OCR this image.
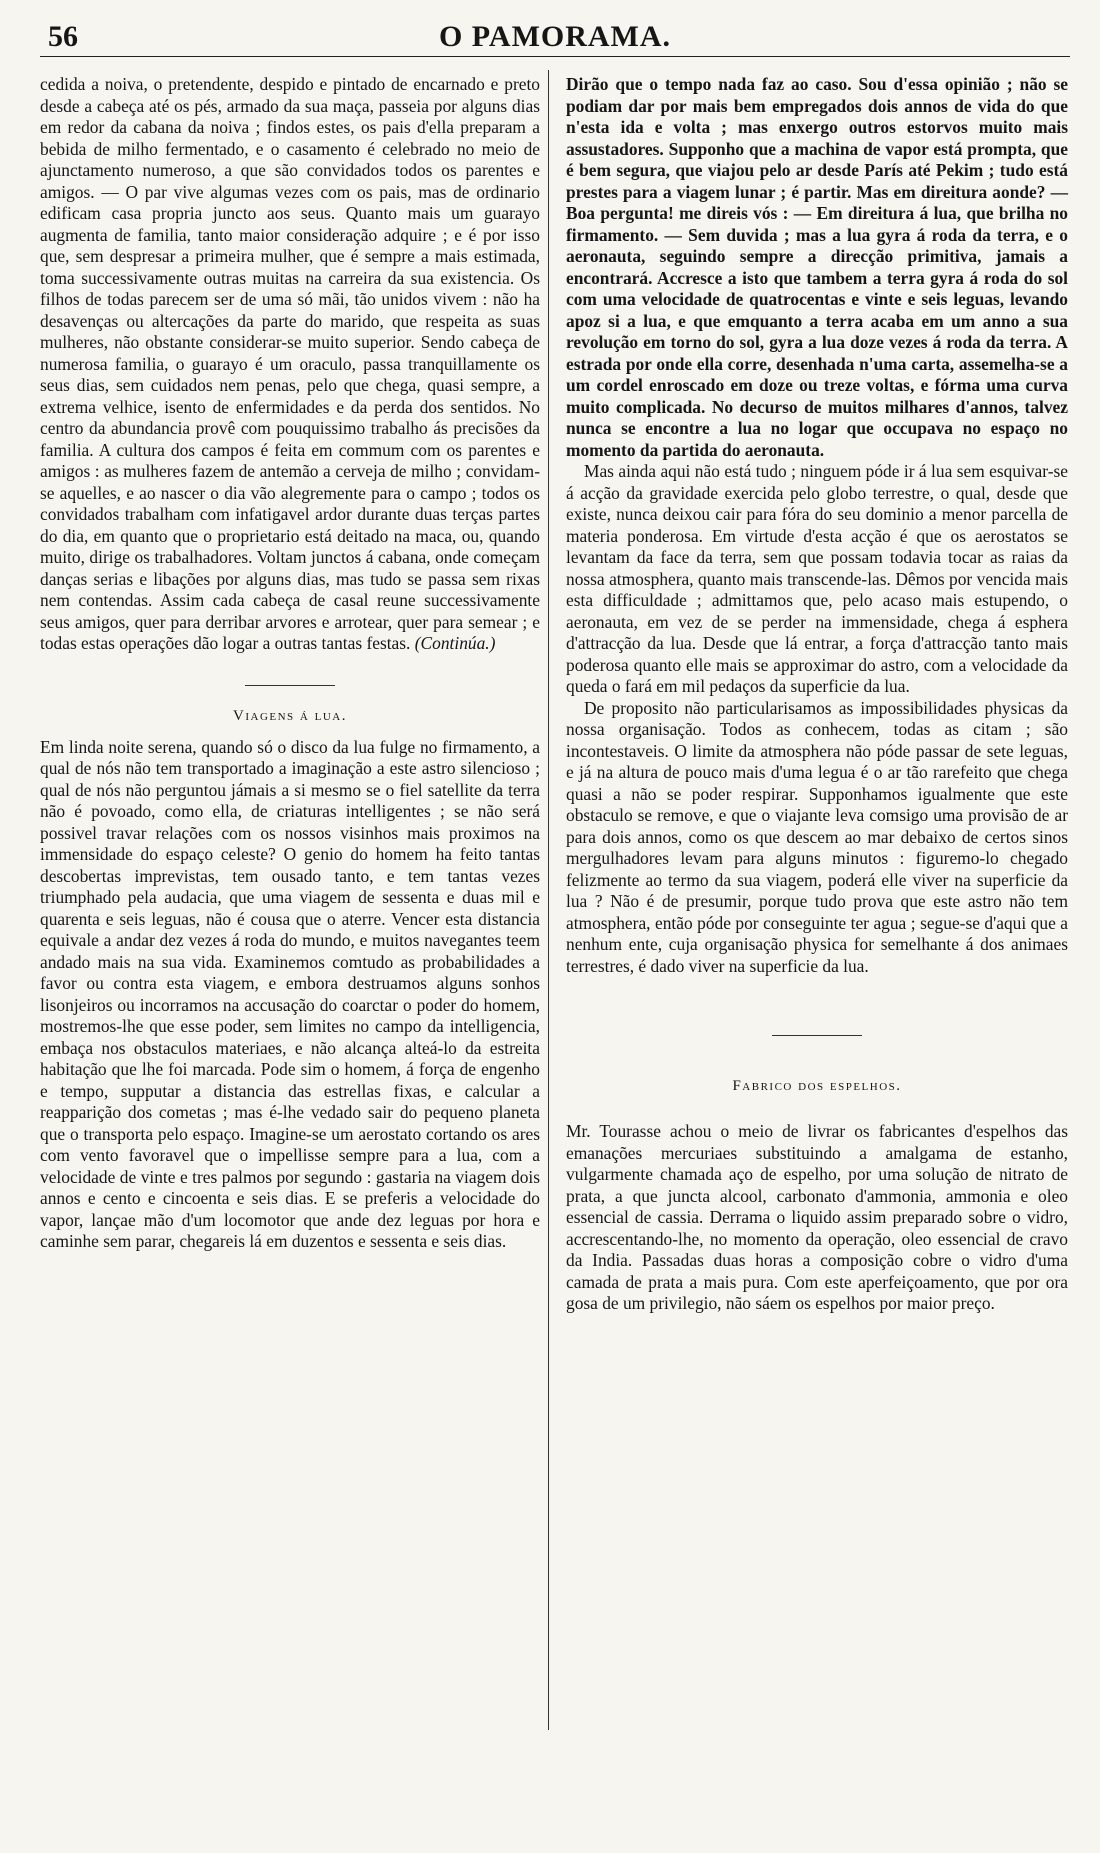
56	O PAMORAMA.

cedida a noiva, o pretendente, despido e pintado de encarnado e preto desde a cabeça até os pés, armado da sua maça, passeia por alguns dias em redor da cabana da noiva ; findos estes, os pais d'ella preparam a bebida de milho fermentado, e o casamento é celebrado no meio de ajunctamento numeroso, a que são convidados todos os parentes e amigos. — O par vive algumas vezes com os pais, mas de ordinario edificam casa propria juncto aos seus. Quanto mais um guarayo augmenta de familia, tanto maior consideração adquire ; e é por isso que, sem despresar a primeira mulher, que é sempre a mais estimada, toma successivamente outras muitas na carreira da sua existencia. Os filhos de todas parecem ser de uma só mãi, tão unidos vivem : não ha desavenças ou altercações da parte do marido, que respeita as suas mulheres, não obstante considerar-se muito superior. Sendo cabeça de numerosa familia, o guarayo é um oraculo, passa tranquillamente os seus dias, sem cuidados nem penas, pelo que chega, quasi sempre, a extrema velhice, isento de enfermidades e da perda dos sentidos. No centro da abundancia provê com pouquissimo trabalho ás precisões da familia. A cultura dos campos é feita em commum com os parentes e amigos : as mulheres fazem de antemão a cerveja de milho ; convidam-se aquelles, e ao nascer o dia vão alegremente para o campo ; todos os convidados trabalham com infatigavel ardor durante duas terças partes do dia, em quanto que o proprietario está deitado na maca, ou, quando muito, dirige os trabalhadores. Voltam junctos á cabana, onde começam danças serias e libações por alguns dias, mas tudo se passa sem rixas nem contendas. Assim cada cabeça de casal reune successivamente seus amigos, quer para derribar arvores e arrotear, quer para semear ; e todas estas operações dão logar a outras tantas festas. (Continúa.)

Viagens á lua.

Em linda noite serena, quando só o disco da lua fulge no firmamento, a qual de nós não tem transportado a imaginação a este astro silencioso ; qual de nós não perguntou jámais a si mesmo se o fiel satellite da terra não é povoado, como ella, de criaturas intelligentes ; se não será possivel travar relações com os nossos visinhos mais proximos na immensidade do espaço celeste? O genio do homem ha feito tantas descobertas imprevistas, tem ousado tanto, e tem tantas vezes triumphado pela audacia, que uma viagem de sessenta e duas mil e quarenta e seis leguas, não é cousa que o aterre. Vencer esta distancia equivale a andar dez vezes á roda do mundo, e muitos navegantes teem andado mais na sua vida. Examinemos comtudo as probabilidades a favor ou contra esta viagem, e embora destruamos alguns sonhos lisonjeiros ou incorramos na accusação do coarctar o poder do homem, mostremos-lhe que esse poder, sem limites no campo da intelligencia, embaça nos obstaculos materiaes, e não alcança alteá-lo da estreita habitação que lhe foi marcada. Pode sim o homem, á força de engenho e tempo, supputar a distancia das estrellas fixas, e calcular a reapparição dos cometas ; mas é-lhe vedado sair do pequeno planeta que o transporta pelo espaço. Imagine-se um aerostato cortando os ares com vento favoravel que o impellisse sempre para a lua, com a velocidade de vinte e tres palmos por segundo : gastaria na viagem dois annos e cento e cincoenta e seis dias. E se preferis a velocidade do vapor, lançae mão d'um locomotor que ande dez leguas por hora e caminhe sem parar, chegareis lá em duzentos e sessenta e seis dias.

Dirão que o tempo nada faz ao caso. Sou d'essa opinião ; não se podiam dar por mais bem empregados dois annos de vida do que n'esta ida e volta ; mas enxergo outros estorvos muito mais assustadores. Supponho que a machina de vapor está prompta, que é bem segura, que viajou pelo ar desde París até Pekim ; tudo está prestes para a viagem lunar ; é partir. Mas em direitura aonde? — Boa pergunta! me direis vós : — Em direitura á lua, que brilha no firmamento. — Sem duvida ; mas a lua gyra á roda da terra, e o aeronauta, seguindo sempre a direcção primitiva, jamais a encontrará. Accresce a isto que tambem a terra gyra á roda do sol com uma velocidade de quatrocentas e vinte e seis leguas, levando apoz si a lua, e que emquanto a terra acaba em um anno a sua revolução em torno do sol, gyra a lua doze vezes á roda da terra. A estrada por onde ella corre, desenhada n'uma carta, assemelha-se a um cordel enroscado em doze ou treze voltas, e fórma uma curva muito complicada. No decurso de muitos milhares d'annos, talvez nunca se encontre a lua no logar que occupava no espaço no momento da partida do aeronauta.

Mas ainda aqui não está tudo ; ninguem póde ir á lua sem esquivar-se á acção da gravidade exercida pelo globo terrestre, o qual, desde que existe, nunca deixou cair para fóra do seu dominio a menor parcella de materia ponderosa. Em virtude d'esta acção é que os aerostatos se levantam da face da terra, sem que possam todavia tocar as raias da nossa atmosphera, quanto mais transcende-las. Dêmos por vencida mais esta difficuldade ; admittamos que, pelo acaso mais estupendo, o aeronauta, em vez de se perder na immensidade, chega á esphera d'attracção da lua. Desde que lá entrar, a força d'attracção tanto mais poderosa quanto elle mais se approximar do astro, com a velocidade da queda o fará em mil pedaços da superficie da lua.

De proposito não particularisamos as impossibilidades physicas da nossa organisação. Todos as conhecem, todas as citam ; são incontestaveis. O limite da atmosphera não póde passar de sete leguas, e já na altura de pouco mais d'uma legua é o ar tão rarefeito que chega quasi a não se poder respirar. Supponhamos igualmente que este obstaculo se remove, e que o viajante leva comsigo uma provisão de ar para dois annos, como os que descem ao mar debaixo de certos sinos mergulhadores levam para alguns minutos : figuremo-lo chegado felizmente ao termo da sua viagem, poderá elle viver na superficie da lua ? Não é de presumir, porque tudo prova que este astro não tem atmosphera, então póde por conseguinte ter agua ; segue-se d'aqui que a nenhum ente, cuja organisação physica for semelhante á dos animaes terrestres, é dado viver na superficie da lua.

Fabrico dos espelhos.

Mr. Tourasse achou o meio de livrar os fabricantes d'espelhos das emanações mercuriaes substituindo a amalgama de estanho, vulgarmente chamada aço de espelho, por uma solução de nitrato de prata, a que juncta alcool, carbonato d'ammonia, ammonia e oleo essencial de cassia. Derrama o liquido assim preparado sobre o vidro, accrescentando-lhe, no momento da operação, oleo essencial de cravo da India. Passadas duas horas a composição cobre o vidro d'uma camada de prata a mais pura. Com este aperfeiçoamento, que por ora gosa de um privilegio, não sáem os espelhos por maior preço.
